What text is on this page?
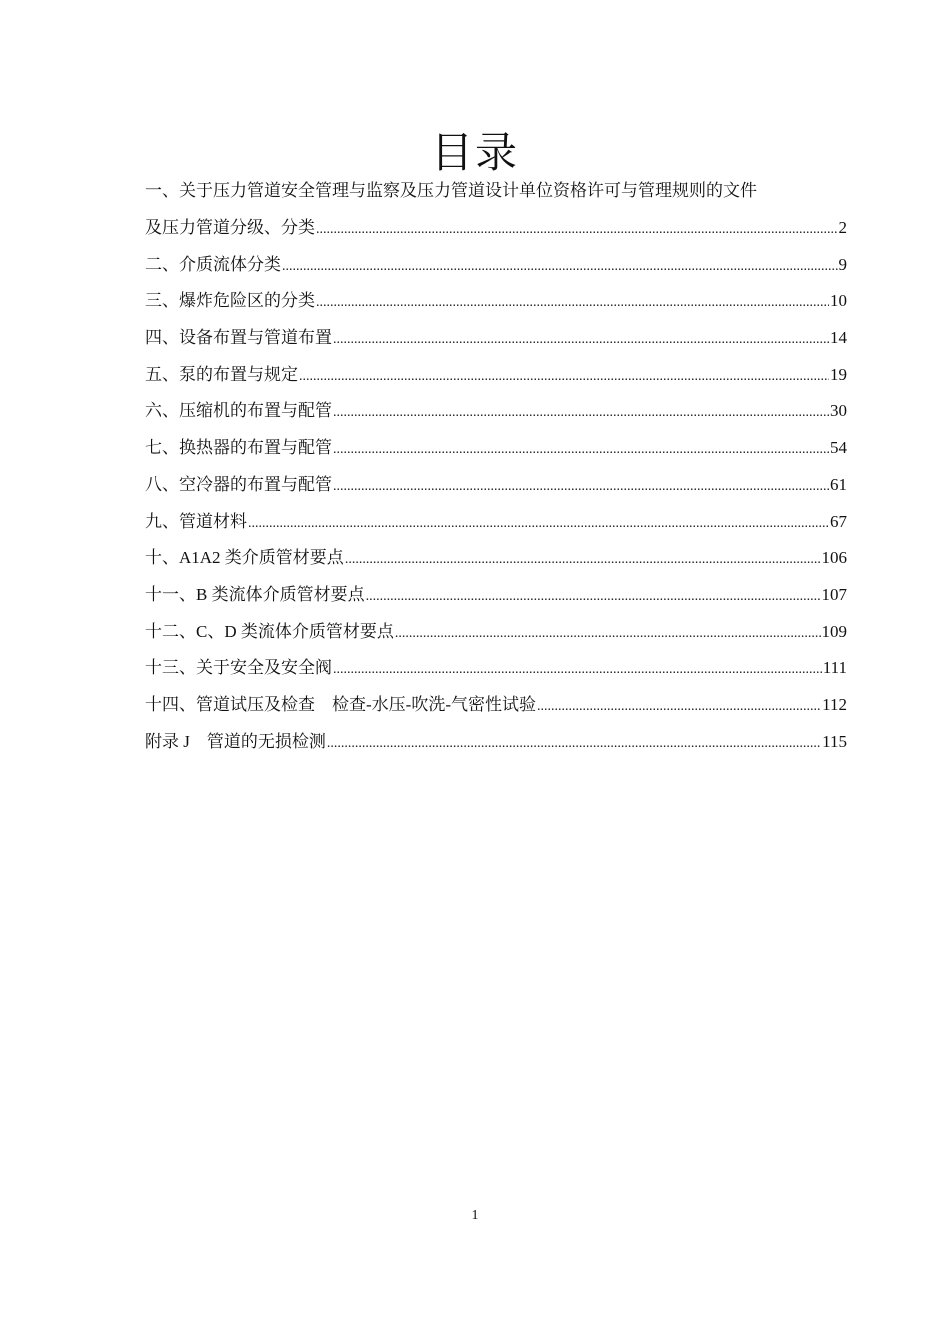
目录
一、关于压力管道安全管理与监察及压力管道设计单位资格许可与管理规则的文件
及压力管道分级、分类 .....	2
二、介质流体分类 .....	9
三、爆炸危险区的分类 .....	10
四、设备布置与管道布置 .....	14
五、泵的布置与规定 .....	19
六、压缩机的布置与配管 .....	30
七、换热器的布置与配管 .....	54
八、空冷器的布置与配管 .....	61
九、管道材料 .....	67
十、A1A2 类介质管材要点 .....	106
十一、B 类流体介质管材要点 .....	107
十二、C、D 类流体介质管材要点 .....	109
十三、关于安全及安全阀 .....	111
十四、管道试压及检查　检查-水压-吹洗-气密性试验 .....	112
附录 J　管道的无损检测 .....	115
1
